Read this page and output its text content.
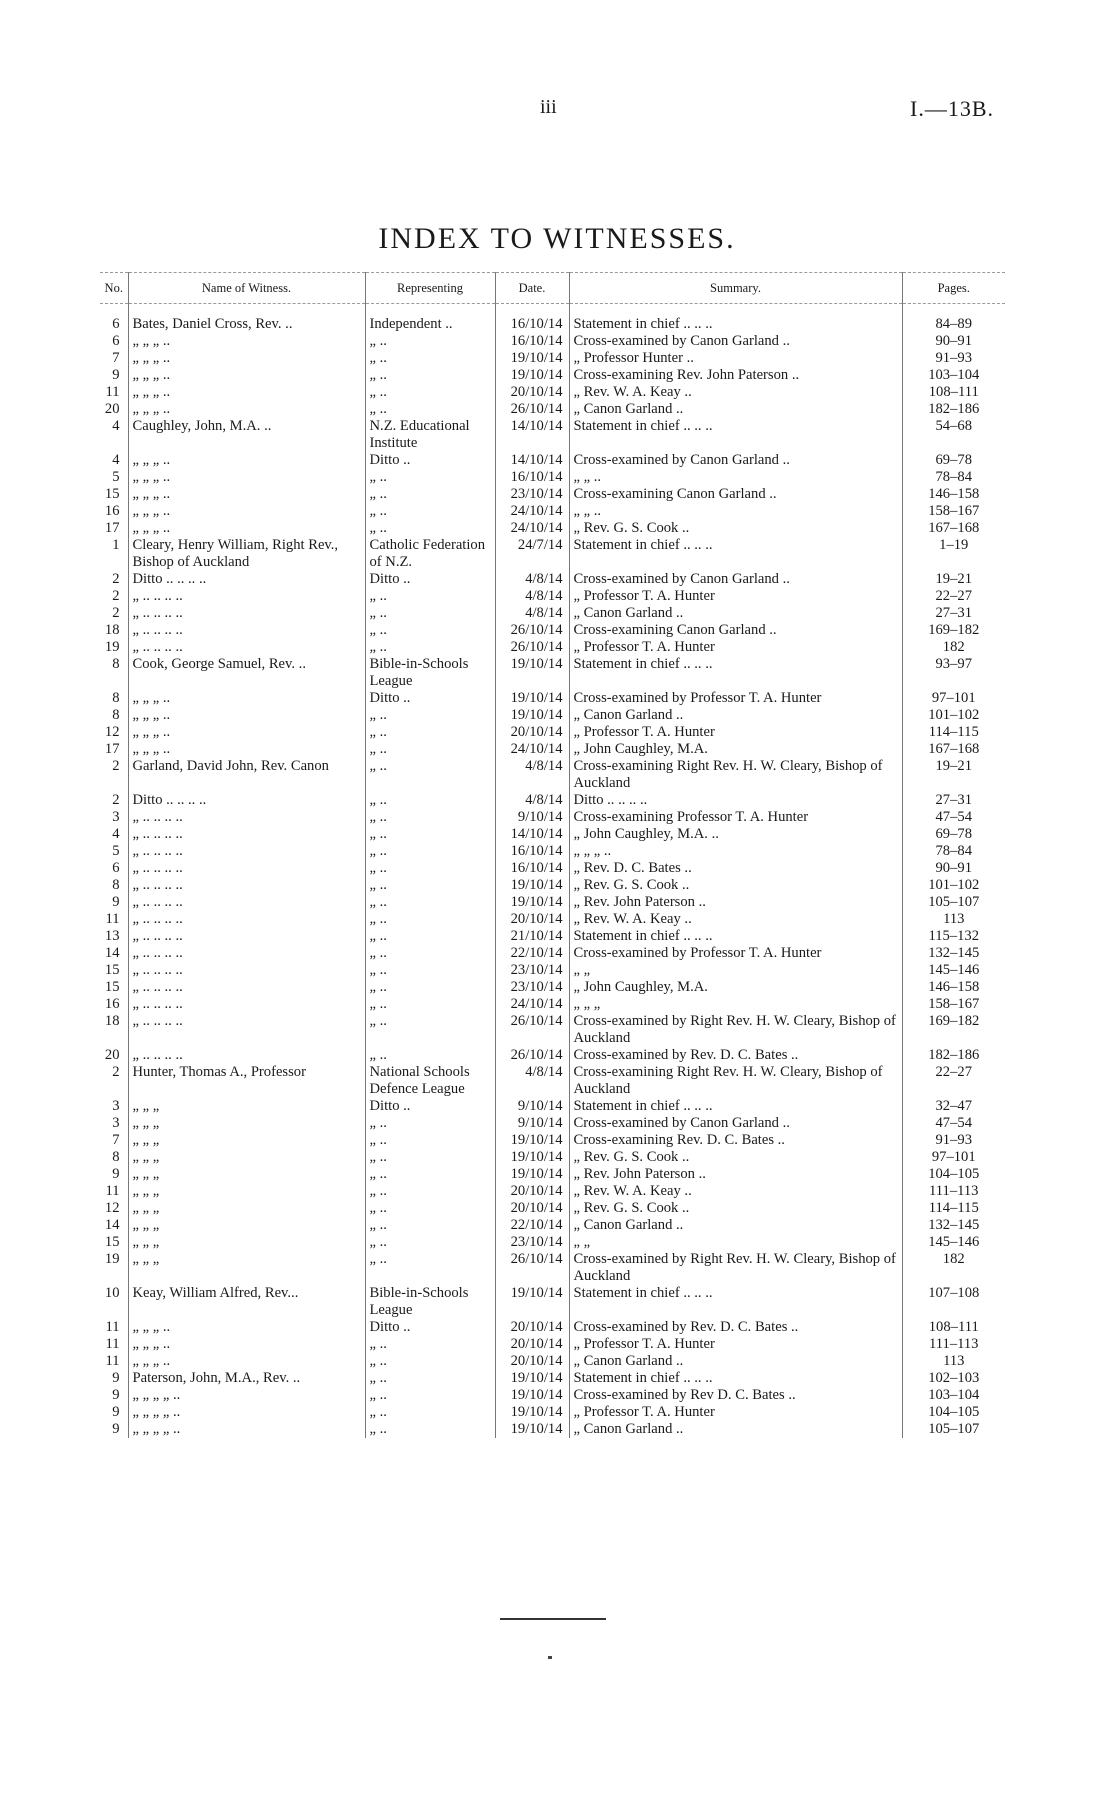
iii	I.—13B.
INDEX TO WITNESSES.
No.	Name of Witness.	Representing	Date.	Summary.	Pages.

6	Bates, Daniel Cross, Rev. ..	Independent ..	16/10/14	Statement in chief .. .. ..	84–89
6	„ „ „ ..	„ ..	16/10/14	Cross-examined by Canon Garland ..	90–91
7	„ „ „ ..	„ ..	19/10/14	„ Professor Hunter ..	91–93
9	„ „ „ ..	„ ..	19/10/14	Cross-examining Rev. John Paterson ..	103–104
11	„ „ „ ..	„ ..	20/10/14	„ Rev. W. A. Keay ..	108–111
20	„ „ „ ..	„ ..	26/10/14	„ Canon Garland ..	182–186
4	Caughley, John, M.A. ..	N.Z. Educational Institute	14/10/14	Statement in chief .. .. ..	54–68
4	„ „ „ ..	Ditto ..	14/10/14	Cross-examined by Canon Garland ..	69–78
5	„ „ „ ..	„ ..	16/10/14	„ „ ..	78–84
15	„ „ „ ..	„ ..	23/10/14	Cross-examining Canon Garland ..	146–158
16	„ „ „ ..	„ ..	24/10/14	„ „ ..	158–167
17	„ „ „ ..	„ ..	24/10/14	„ Rev. G. S. Cook ..	167–168
1	Cleary, Henry William, Right Rev., Bishop of Auckland	Catholic Federation of N.Z.	24/7/14	Statement in chief .. .. ..	1–19
2	Ditto .. .. .. ..	Ditto ..	4/8/14	Cross-examined by Canon Garland ..	19–21
2	„ .. .. .. ..	„ ..	4/8/14	„ Professor T. A. Hunter	22–27
2	„ .. .. .. ..	„ ..	4/8/14	„ Canon Garland ..	27–31
18	„ .. .. .. ..	„ ..	26/10/14	Cross-examining Canon Garland ..	169–182
19	„ .. .. .. ..	„ ..	26/10/14	„ Professor T. A. Hunter	182
8	Cook, George Samuel, Rev. ..	Bible-in-Schools League	19/10/14	Statement in chief .. .. ..	93–97
8	„ „ „ ..	Ditto ..	19/10/14	Cross-examined by Professor T. A. Hunter	97–101
8	„ „ „ ..	„ ..	19/10/14	„ Canon Garland ..	101–102
12	„ „ „ ..	„ ..	20/10/14	„ Professor T. A. Hunter	114–115
17	„ „ „ ..	„ ..	24/10/14	„ John Caughley, M.A.	167–168
2	Garland, David John, Rev. Canon	„ ..	4/8/14	Cross-examining Right Rev. H. W. Cleary, Bishop of Auckland	19–21
2	Ditto .. .. .. ..	„ ..	4/8/14	Ditto .. .. .. ..	27–31
3	„ .. .. .. ..	„ ..	9/10/14	Cross-examining Professor T. A. Hunter	47–54
4	„ .. .. .. ..	„ ..	14/10/14	„ John Caughley, M.A. ..	69–78
5	„ .. .. .. ..	„ ..	16/10/14	„ „ „ ..	78–84
6	„ .. .. .. ..	„ ..	16/10/14	„ Rev. D. C. Bates ..	90–91
8	„ .. .. .. ..	„ ..	19/10/14	„ Rev. G. S. Cook ..	101–102
9	„ .. .. .. ..	„ ..	19/10/14	„ Rev. John Paterson ..	105–107
11	„ .. .. .. ..	„ ..	20/10/14	„ Rev. W. A. Keay ..	113
13	„ .. .. .. ..	„ ..	21/10/14	Statement in chief .. .. ..	115–132
14	„ .. .. .. ..	„ ..	22/10/14	Cross-examined by Professor T. A. Hunter	132–145
15	„ .. .. .. ..	„ ..	23/10/14	„ „	145–146
15	„ .. .. .. ..	„ ..	23/10/14	„ John Caughley, M.A.	146–158
16	„ .. .. .. ..	„ ..	24/10/14	„ „ „	158–167
18	„ .. .. .. ..	„ ..	26/10/14	Cross-examined by Right Rev. H. W. Cleary, Bishop of Auckland	169–182
20	„ .. .. .. ..	„ ..	26/10/14	Cross-examined by Rev. D. C. Bates ..	182–186
2	Hunter, Thomas A., Professor	National Schools Defence League	4/8/14	Cross-examining Right Rev. H. W. Cleary, Bishop of Auckland	22–27
3	„ „ „	Ditto ..	9/10/14	Statement in chief .. .. ..	32–47
3	„ „ „	„ ..	9/10/14	Cross-examined by Canon Garland ..	47–54
7	„ „ „	„ ..	19/10/14	Cross-examining Rev. D. C. Bates ..	91–93
8	„ „ „	„ ..	19/10/14	„ Rev. G. S. Cook ..	97–101
9	„ „ „	„ ..	19/10/14	„ Rev. John Paterson ..	104–105
11	„ „ „	„ ..	20/10/14	„ Rev. W. A. Keay ..	111–113
12	„ „ „	„ ..	20/10/14	„ Rev. G. S. Cook ..	114–115
14	„ „ „	„ ..	22/10/14	„ Canon Garland ..	132–145
15	„ „ „	„ ..	23/10/14	„ „	145–146
19	„ „ „	„ ..	26/10/14	Cross-examined by Right Rev. H. W. Cleary, Bishop of Auckland	182
10	Keay, William Alfred, Rev...	Bible-in-Schools League	19/10/14	Statement in chief .. .. ..	107–108
11	„ „ „ ..	Ditto ..	20/10/14	Cross-examined by Rev. D. C. Bates ..	108–111
11	„ „ „ ..	„ ..	20/10/14	„ Professor T. A. Hunter	111–113
11	„ „ „ ..	„ ..	20/10/14	„ Canon Garland ..	113
9	Paterson, John, M.A., Rev. ..	„ ..	19/10/14	Statement in chief .. .. ..	102–103
9	„ „ „ „ ..	„ ..	19/10/14	Cross-examined by Rev D. C. Bates ..	103–104
9	„ „ „ „ ..	„ ..	19/10/14	„ Professor T. A. Hunter	104–105
9	„ „ „ „ ..	„ ..	19/10/14	„ Canon Garland ..	105–107
